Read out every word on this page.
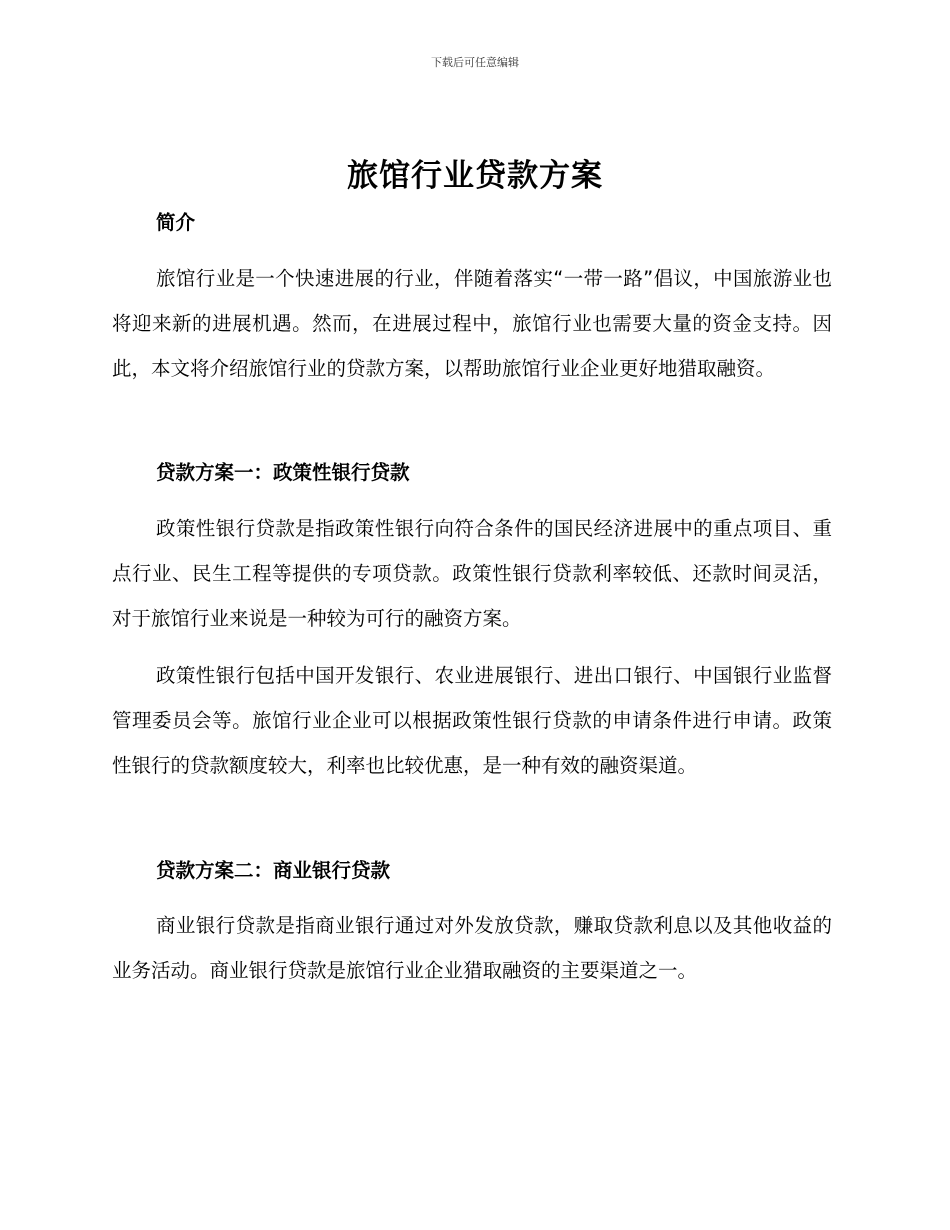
下载后可任意编辑
旅馆行业贷款方案
简介

旅馆行业是一个快速进展的行业，伴随着落实“一带一路”倡议，中国旅游业也将迎来新的进展机遇。然而，在进展过程中，旅馆行业也需要大量的资金支持。因此，本文将介绍旅馆行业的贷款方案，以帮助旅馆行业企业更好地猎取融资。

贷款方案一：政策性银行贷款

政策性银行贷款是指政策性银行向符合条件的国民经济进展中的重点项目、重点行业、民生工程等提供的专项贷款。政策性银行贷款利率较低、还款时间灵活，对于旅馆行业来说是一种较为可行的融资方案。

政策性银行包括中国开发银行、农业进展银行、进出口银行、中国银行业监督管理委员会等。旅馆行业企业可以根据政策性银行贷款的申请条件进行申请。政策性银行的贷款额度较大，利率也比较优惠，是一种有效的融资渠道。

贷款方案二：商业银行贷款

商业银行贷款是指商业银行通过对外发放贷款，赚取贷款利息以及其他收益的业务活动。商业银行贷款是旅馆行业企业猎取融资的主要渠道之一。
